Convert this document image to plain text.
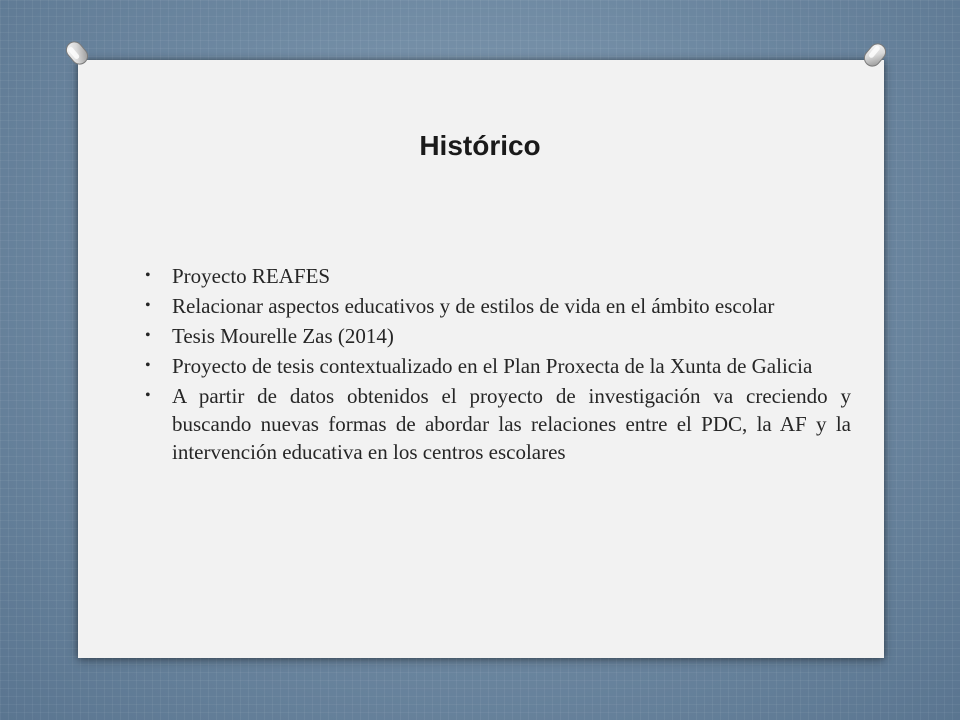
Histórico
• Proyecto REAFES
• Relacionar aspectos educativos y de estilos de vida en el ámbito escolar
• Tesis Mourelle Zas (2014)
• Proyecto de tesis contextualizado en el Plan Proxecta de la Xunta de Galicia
• A partir de datos obtenidos el proyecto de investigación va creciendo y buscando nuevas formas de abordar las relaciones entre el PDC, la AF y la intervención educativa en los centros escolares
